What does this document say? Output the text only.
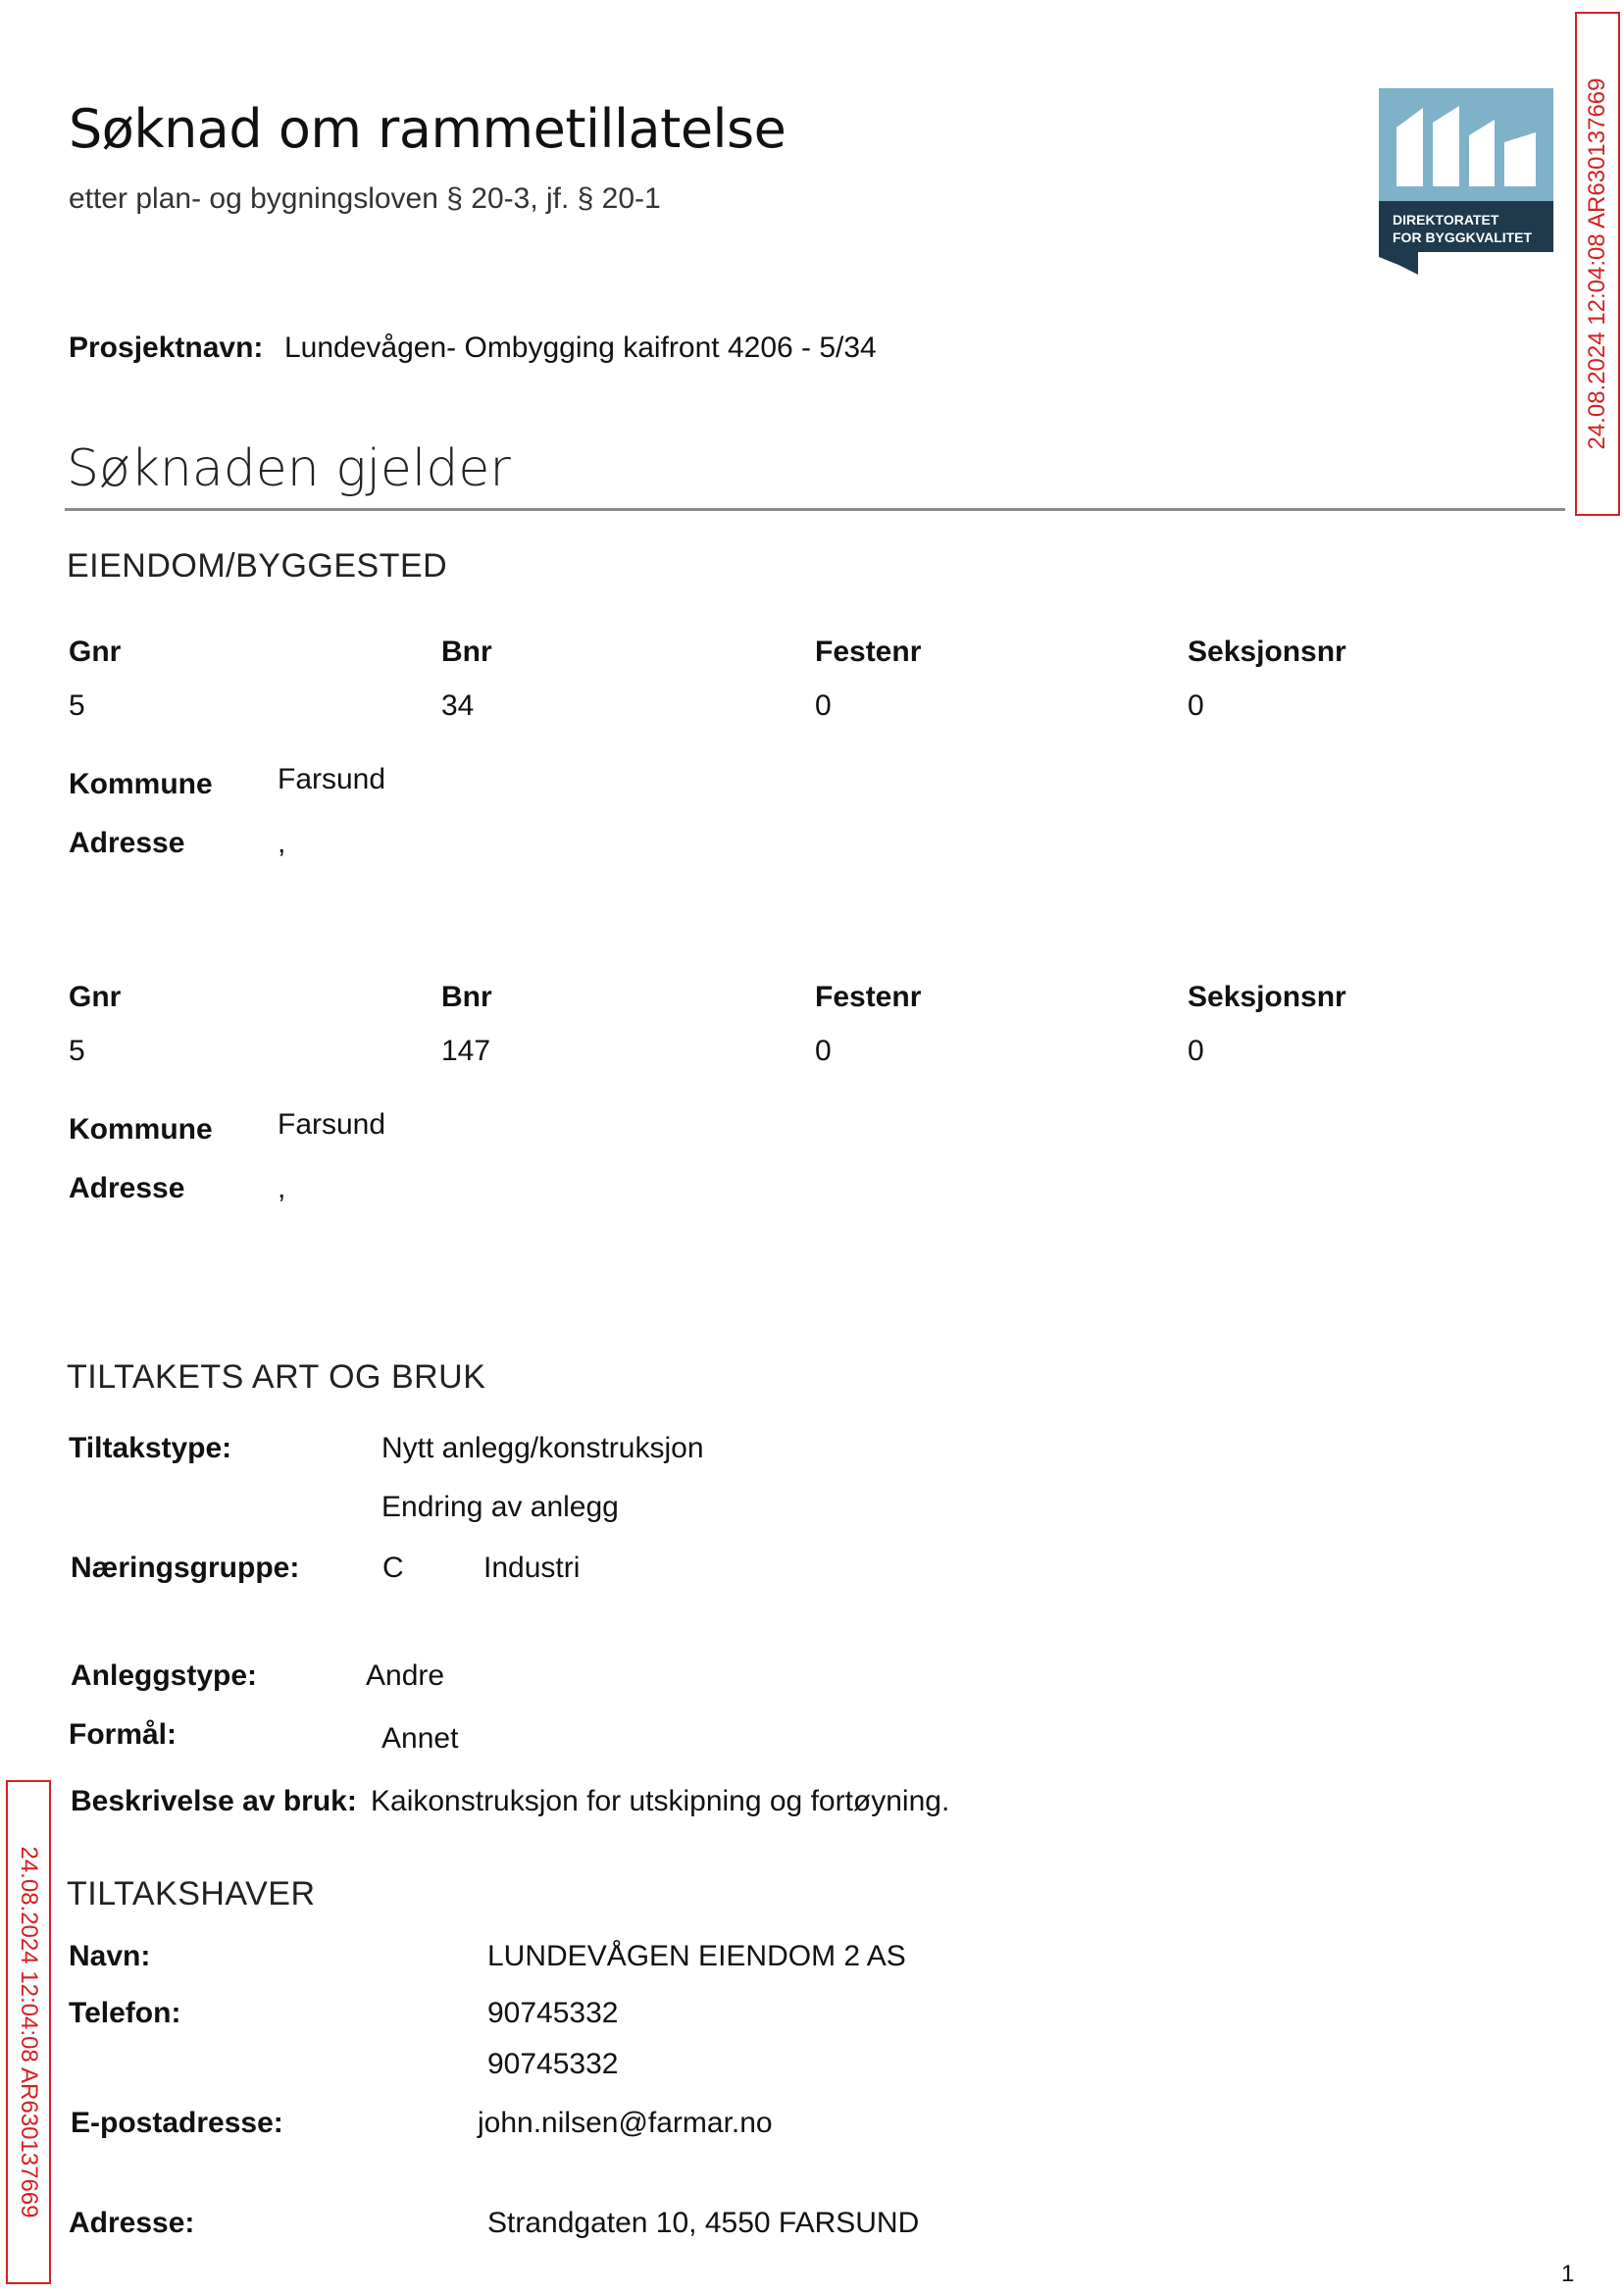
Søknad om rammetillatelse
etter plan- og bygningsloven § 20-3, jf. § 20-1
DIREKTORATET
FOR BYGGKVALITET
Prosjektnavn: Lundevågen- Ombygging kaifront 4206 - 5/34
Søknaden gjelder
EIENDOM/BYGGESTED
Gnr	Bnr	Festenr	Seksjonsnr
5	34	0	0
Kommune Farsund
Adresse	,
Gnr	Bnr	Festenr	Seksjonsnr
5	147	0	0
Kommune Farsund
Adresse	,
TILTAKETS ART OG BRUK
Tiltakstype:	Nytt anlegg/konstruksjon
Endring av anlegg
Næringsgruppe:	C	Industri
Anleggstype:	Andre
Formål:	Annet
Beskrivelse av bruk: Kaikonstruksjon for utskipning og fortøyning.
TILTAKSHAVER
Navn:	LUNDEVÅGEN EIENDOM 2 AS
Telefon:	90745332
90745332
E-postadresse:	john.nilsen@farmar.no
Adresse:	Strandgaten 10, 4550 FARSUND
24.08.2024 12:04:08 AR630137669
24.08.2024 12:04:08 AR630137669
1
